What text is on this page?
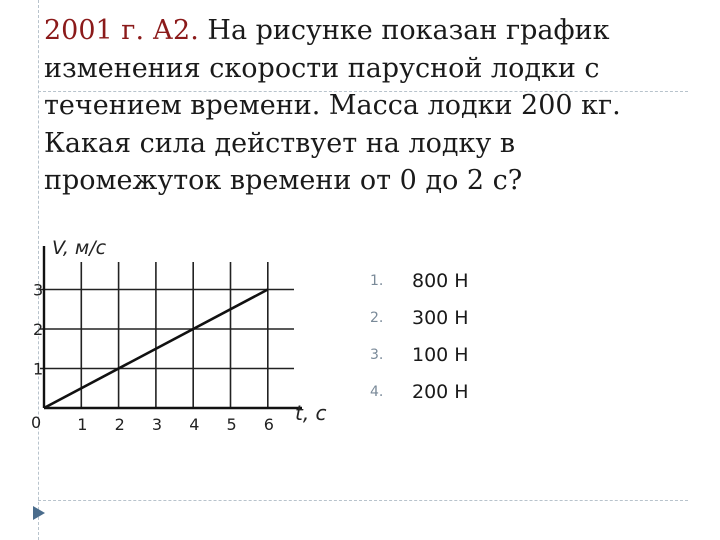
2001 г. А2. На рисунке показан график изменения скорости парусной лодки с течением времени. Масса лодки 200 кг. Какая сила действует на лодку в промежуток времени от 0 до 2 с?

1 2 3 4 5 6
1
2
3
0
V, м/с
t, c
1.	800 Н
2.	300 Н
3.	100 Н
4.	200 Н
